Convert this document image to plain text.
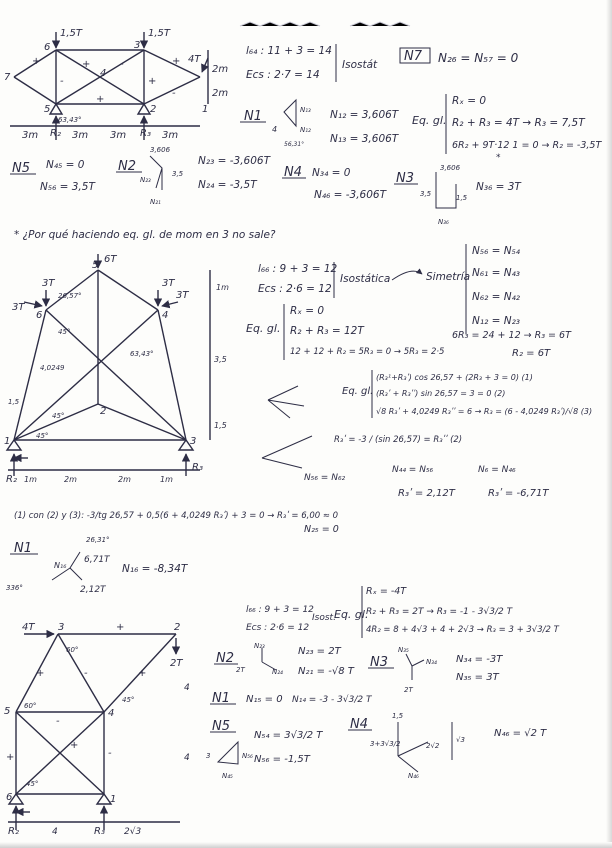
1,5T	1,5T
4T
6	3
7
5	2	1
4
+	-
-	+
+	+
-
+
63,43°
R₂	R₃
3m	3m 3m	3m
2m
2m
l₆₄ : 11 + 3 = 14
Ecs : 2·7 = 14
Isostát
N7 N₂₆ = N₅₇ = 0
N1
4
N₁₃
N₁₂
56,31°
N₁₂ = 3,606T
N₁₃ = 3,606T
Eq. gl.
Rₓ = 0
R₂ + R₃ = 4T → R₃ = 7,5T
6R₂ + 9T·12 1 = 0 → R₂ = -3,5T
*
N5 N₄₅ = 0
N₅₆ = 3,5T
N2
3,606
3,5
N₂₃
N₂₁
N₂₃ = -3,606T
N₂₄ = -3,5T
N4 N₃₄ = 0
N₄₆ = -3,606T
N3
3,606
3,5	1,5
N₃₆
N₃₆ = 3T
* ¿Por qué haciendo eq. gl. de mom en 3 no sale?
6T
3T	3T
3T
3T
1
2
3
4
5
6
26,57°
45°
63,43°
45°
45°
4,0249
1m
3,5
1,5
1,5
1m	2m	2m	1m
R₂
R₃
l₆₆ : 9 + 3 = 12
Ecs : 2·6 = 12
Isostática	Simetría
N₅₆ = N₅₄
N₆₁ = N₄₃
N₆₂ = N₄₂
N₁₂ = N₂₃
Eq. gl.
Rₓ = 0
R₂ + R₃ = 12T
12 + 12 + R₂ = 5R₃ = 0 → 5R₃ = 2·5
6R₃ = 24 + 12 → R₃ = 6T
R₂ = 6T
Eq. gl.
(R₃¹+R₃ʹ) cos 26,57 + (2R₃ + 3 = 0) (1)
(R₃ʹ + R₃ʹʹ) sin 26,57 = 3 = 0 (2)
√8 R₃ʹ + 4,0249 R₃ʹʹ = 6 → R₃ = (6 - 4,0249 R₃ʹ)/√8 (3)
R₃ʹ = -3 / (sin 26,57) = R₃ʹʹ (2)
(1) con (2) y (3): -3/tg 26,57 + 0,5(6 + 4,0249 R₃ʹ) + 3 = 0 → R₃ʹ = 6,00 ≈ 0
N₅₆ = N₆₂
N₂₅ = 0
N₄₄ = N₅₆
R₃ʹ = 2,12T
N₆ = N₄₆
R₃ʹ = -6,71T
N1
26,31°
6,71T
N₁₆
2,12T
336°
N₁₆ = -8,34T
4T
2T
1
2
3
4
5
6
60°
45°
60°
45°
+
+
-
+	-
+
+	-
4	2√3
4
4
R₂	R₃
l₆₆ : 9 + 3 = 12
Ecs : 2·6 = 12
Isost.
Eq. gl.
Rₓ = -4T
R₂ + R₃ = 2T → R₃ = -1 - 3√3/2 T
4R₂ = 8 + 4√3 + 4 + 2√3 → R₃ = 3 + 3√3/2 T
N2
N₂₃
2T	N₂₄
N₂₃ = 2T
N₂₁ = -√8 T
N3
N₃₅
N₃₄
2T
N₃₄ = -3T
N₃₅ = 3T
N1 N₁₅ = 0 N₁₄ = -3 - 3√3/2 T
N5
3	N₅₆
N₄₅
N₅₄ = 3√3/2 T
N₅₆ = -1,5T
N4
1,5
3+3√3/2	2√2
√3
N₄₆
N₄₆ = √2 T
